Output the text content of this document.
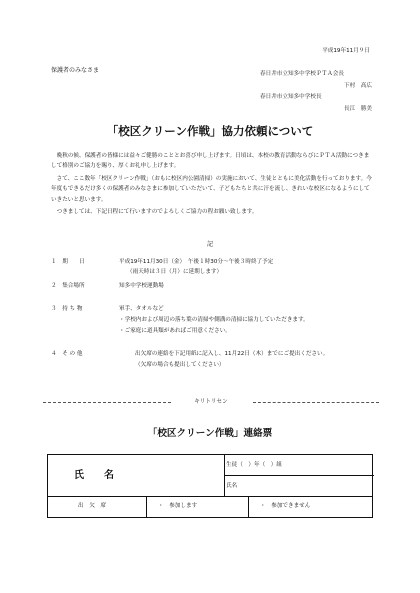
平成19年11月９日
保護者のみなさま	春日井市立知多中学校ＰＴＡ会長
下村　高広
春日井市立知多中学校長
長江　勝美
「校区クリーン作戦」協力依頼について

晩秋の候、保護者の皆様には益々ご健勝のこととお喜び申し上げます。日頃は、本校の教育活動ならびにＰＴＡ活動につきまして格別のご協力を賜り、厚くお礼申し上げます。

さて、ここ数年「校区クリーン作戦」（おもに校区内公園清掃）の実施において、生徒とともに美化活動を行っております。今年度もできるだけ多くの保護者のみなさまに参加していただいて、子どもたちと共に汗を流し、きれいな校区になるようにしていきたいと思います。

つきましては、下記日程にて行いますのでよろしくご協力の程お願い致します。

記
１　期　　日	平成19年11月30日（金）　午後１時30分〜午後３時終了予定
（雨天時は３日（月）に延期します）
２　集合場所	知多中学校運動場
３　持 ち 物	軍手、タオルなど
・学校内および周辺の落ち葉の清掃や側溝の清掃に協力していただきます。
・ご家庭に道具類があればご用意ください。
４　そ の 他	出欠席の連絡を下記用紙に記入し、11月22日（木）までにご提出ください。
（欠席の場合も提出してください）
キリトリセン
「校区クリーン作戦」連絡票
氏名
生徒（　）年（　）組
氏名
出　欠　席	・　参加します	・　参加できません
